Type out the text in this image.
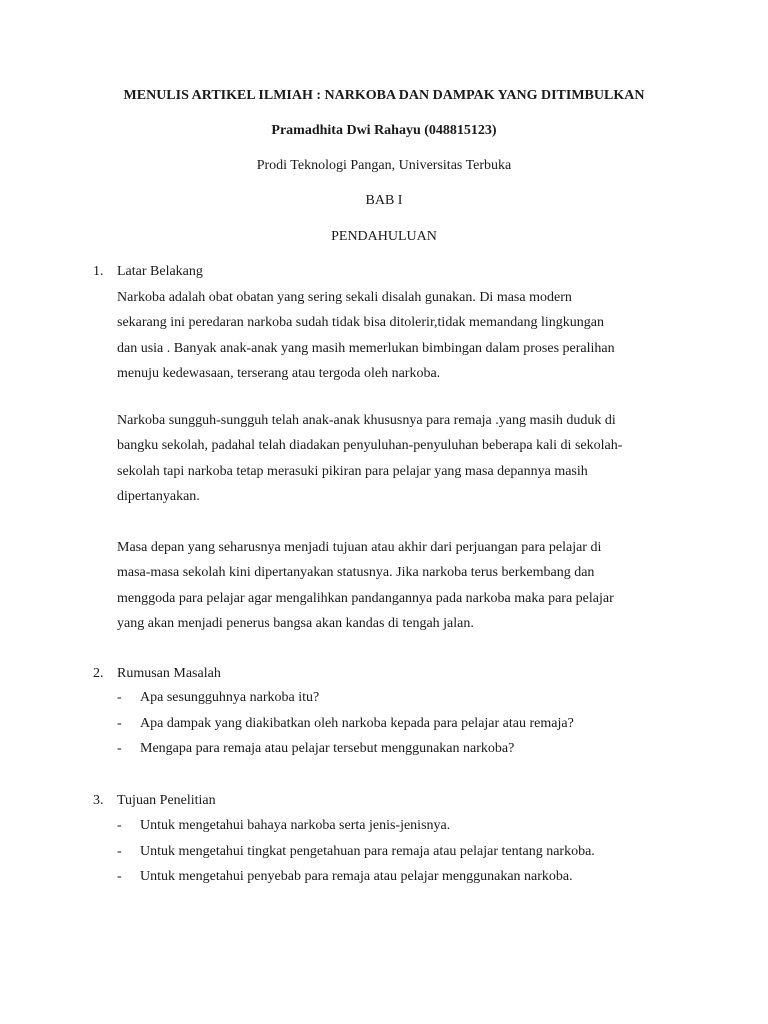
MENULIS ARTIKEL ILMIAH : NARKOBA DAN DAMPAK YANG DITIMBULKAN
Pramadhita Dwi Rahayu (048815123)
Prodi Teknologi Pangan, Universitas Terbuka
BAB I
PENDAHULUAN
1. Latar Belakang
Narkoba adalah obat obatan yang sering sekali disalah gunakan. Di masa modern
sekarang ini peredaran narkoba sudah tidak bisa ditolerir,tidak memandang lingkungan
dan usia . Banyak anak-anak yang masih memerlukan bimbingan dalam proses peralihan
menuju kedewasaan, terserang atau tergoda oleh narkoba.
Narkoba sungguh-sungguh telah anak-anak khususnya para remaja .yang masih duduk di
bangku sekolah, padahal telah diadakan penyuluhan-penyuluhan beberapa kali di sekolah-
sekolah tapi narkoba tetap merasuki pikiran para pelajar yang masa depannya masih
dipertanyakan.
Masa depan yang seharusnya menjadi tujuan atau akhir dari perjuangan para pelajar di
masa-masa sekolah kini dipertanyakan statusnya. Jika narkoba terus berkembang dan
menggoda para pelajar agar mengalihkan pandangannya pada narkoba maka para pelajar
yang akan menjadi penerus bangsa akan kandas di tengah jalan.
2. Rumusan Masalah
- Apa sesungguhnya narkoba itu?
- Apa dampak yang diakibatkan oleh narkoba kepada para pelajar atau remaja?
- Mengapa para remaja atau pelajar tersebut menggunakan narkoba?
3. Tujuan Penelitian
- Untuk mengetahui bahaya narkoba serta jenis-jenisnya.
- Untuk mengetahui tingkat pengetahuan para remaja atau pelajar tentang narkoba.
- Untuk mengetahui penyebab para remaja atau pelajar menggunakan narkoba.
